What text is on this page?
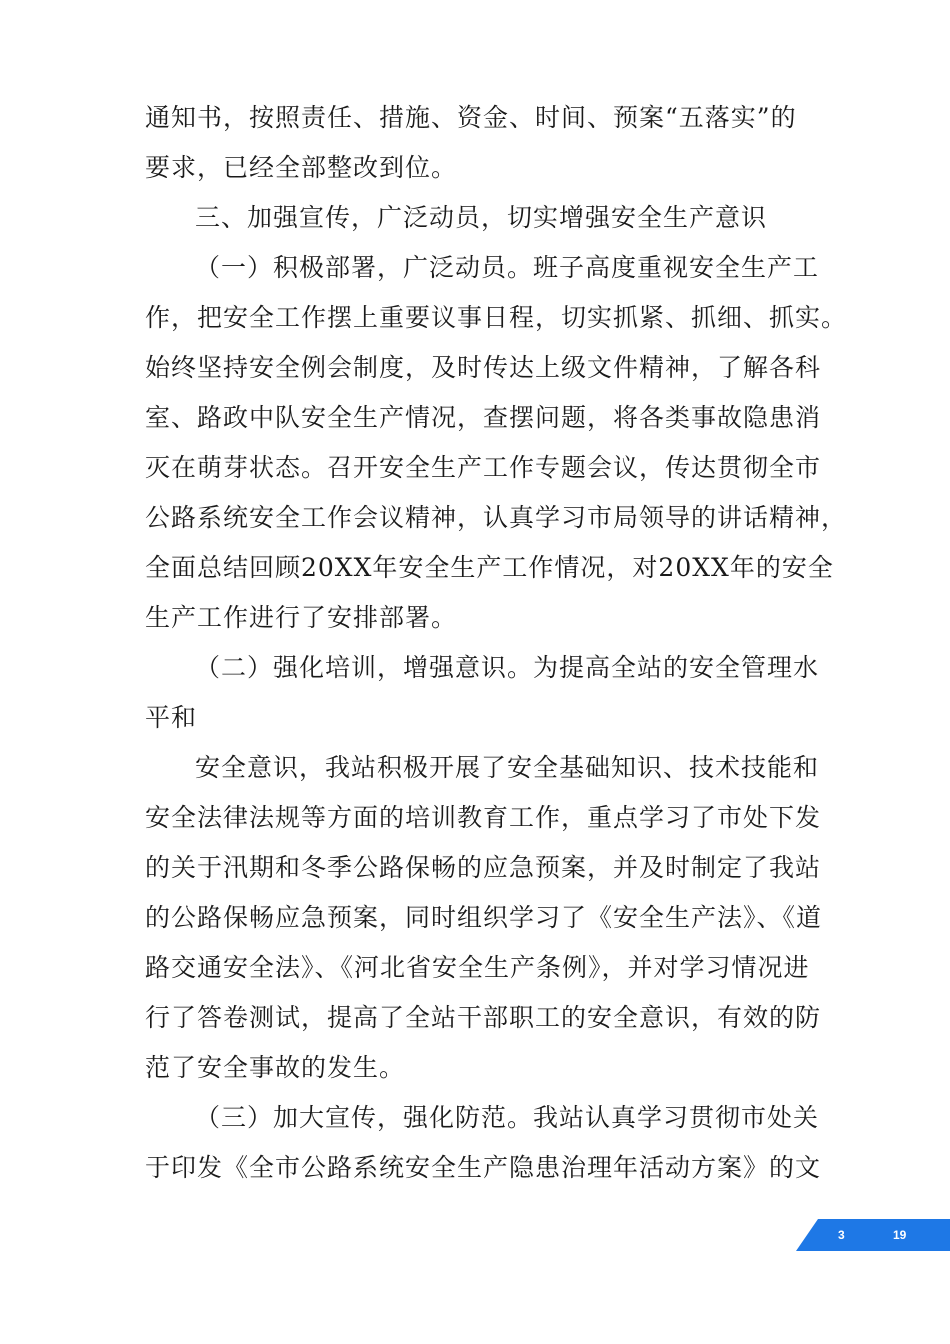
通知书，按照责任、措施、资金、时间、预案“五落实”的
要求，已经全部整改到位。
三、加强宣传，广泛动员，切实增强安全生产意识
（一）积极部署，广泛动员。班子高度重视安全生产工
作，把安全工作摆上重要议事日程，切实抓紧、抓细、抓实。
始终坚持安全例会制度，及时传达上级文件精神，了解各科
室、路政中队安全生产情况，查摆问题，将各类事故隐患消
灭在萌芽状态。召开安全生产工作专题会议，传达贯彻全市
公路系统安全工作会议精神，认真学习市局领导的讲话精神，
全面总结回顾20XX年安全生产工作情况，对20XX年的安全
生产工作进行了安排部署。
（二）强化培训，增强意识。为提高全站的安全管理水
平和
安全意识，我站积极开展了安全基础知识、技术技能和
安全法律法规等方面的培训教育工作，重点学习了市处下发
的关于汛期和冬季公路保畅的应急预案，并及时制定了我站
的公路保畅应急预案，同时组织学习了《安全生产法》、《道
路交通安全法》、《河北省安全生产条例》，并对学习情况进
行了答卷测试，提高了全站干部职工的安全意识，有效的防
范了安全事故的发生。
（三）加大宣传，强化防范。我站认真学习贯彻市处关
于印发《全市公路系统安全生产隐患治理年活动方案》的文
3	19
